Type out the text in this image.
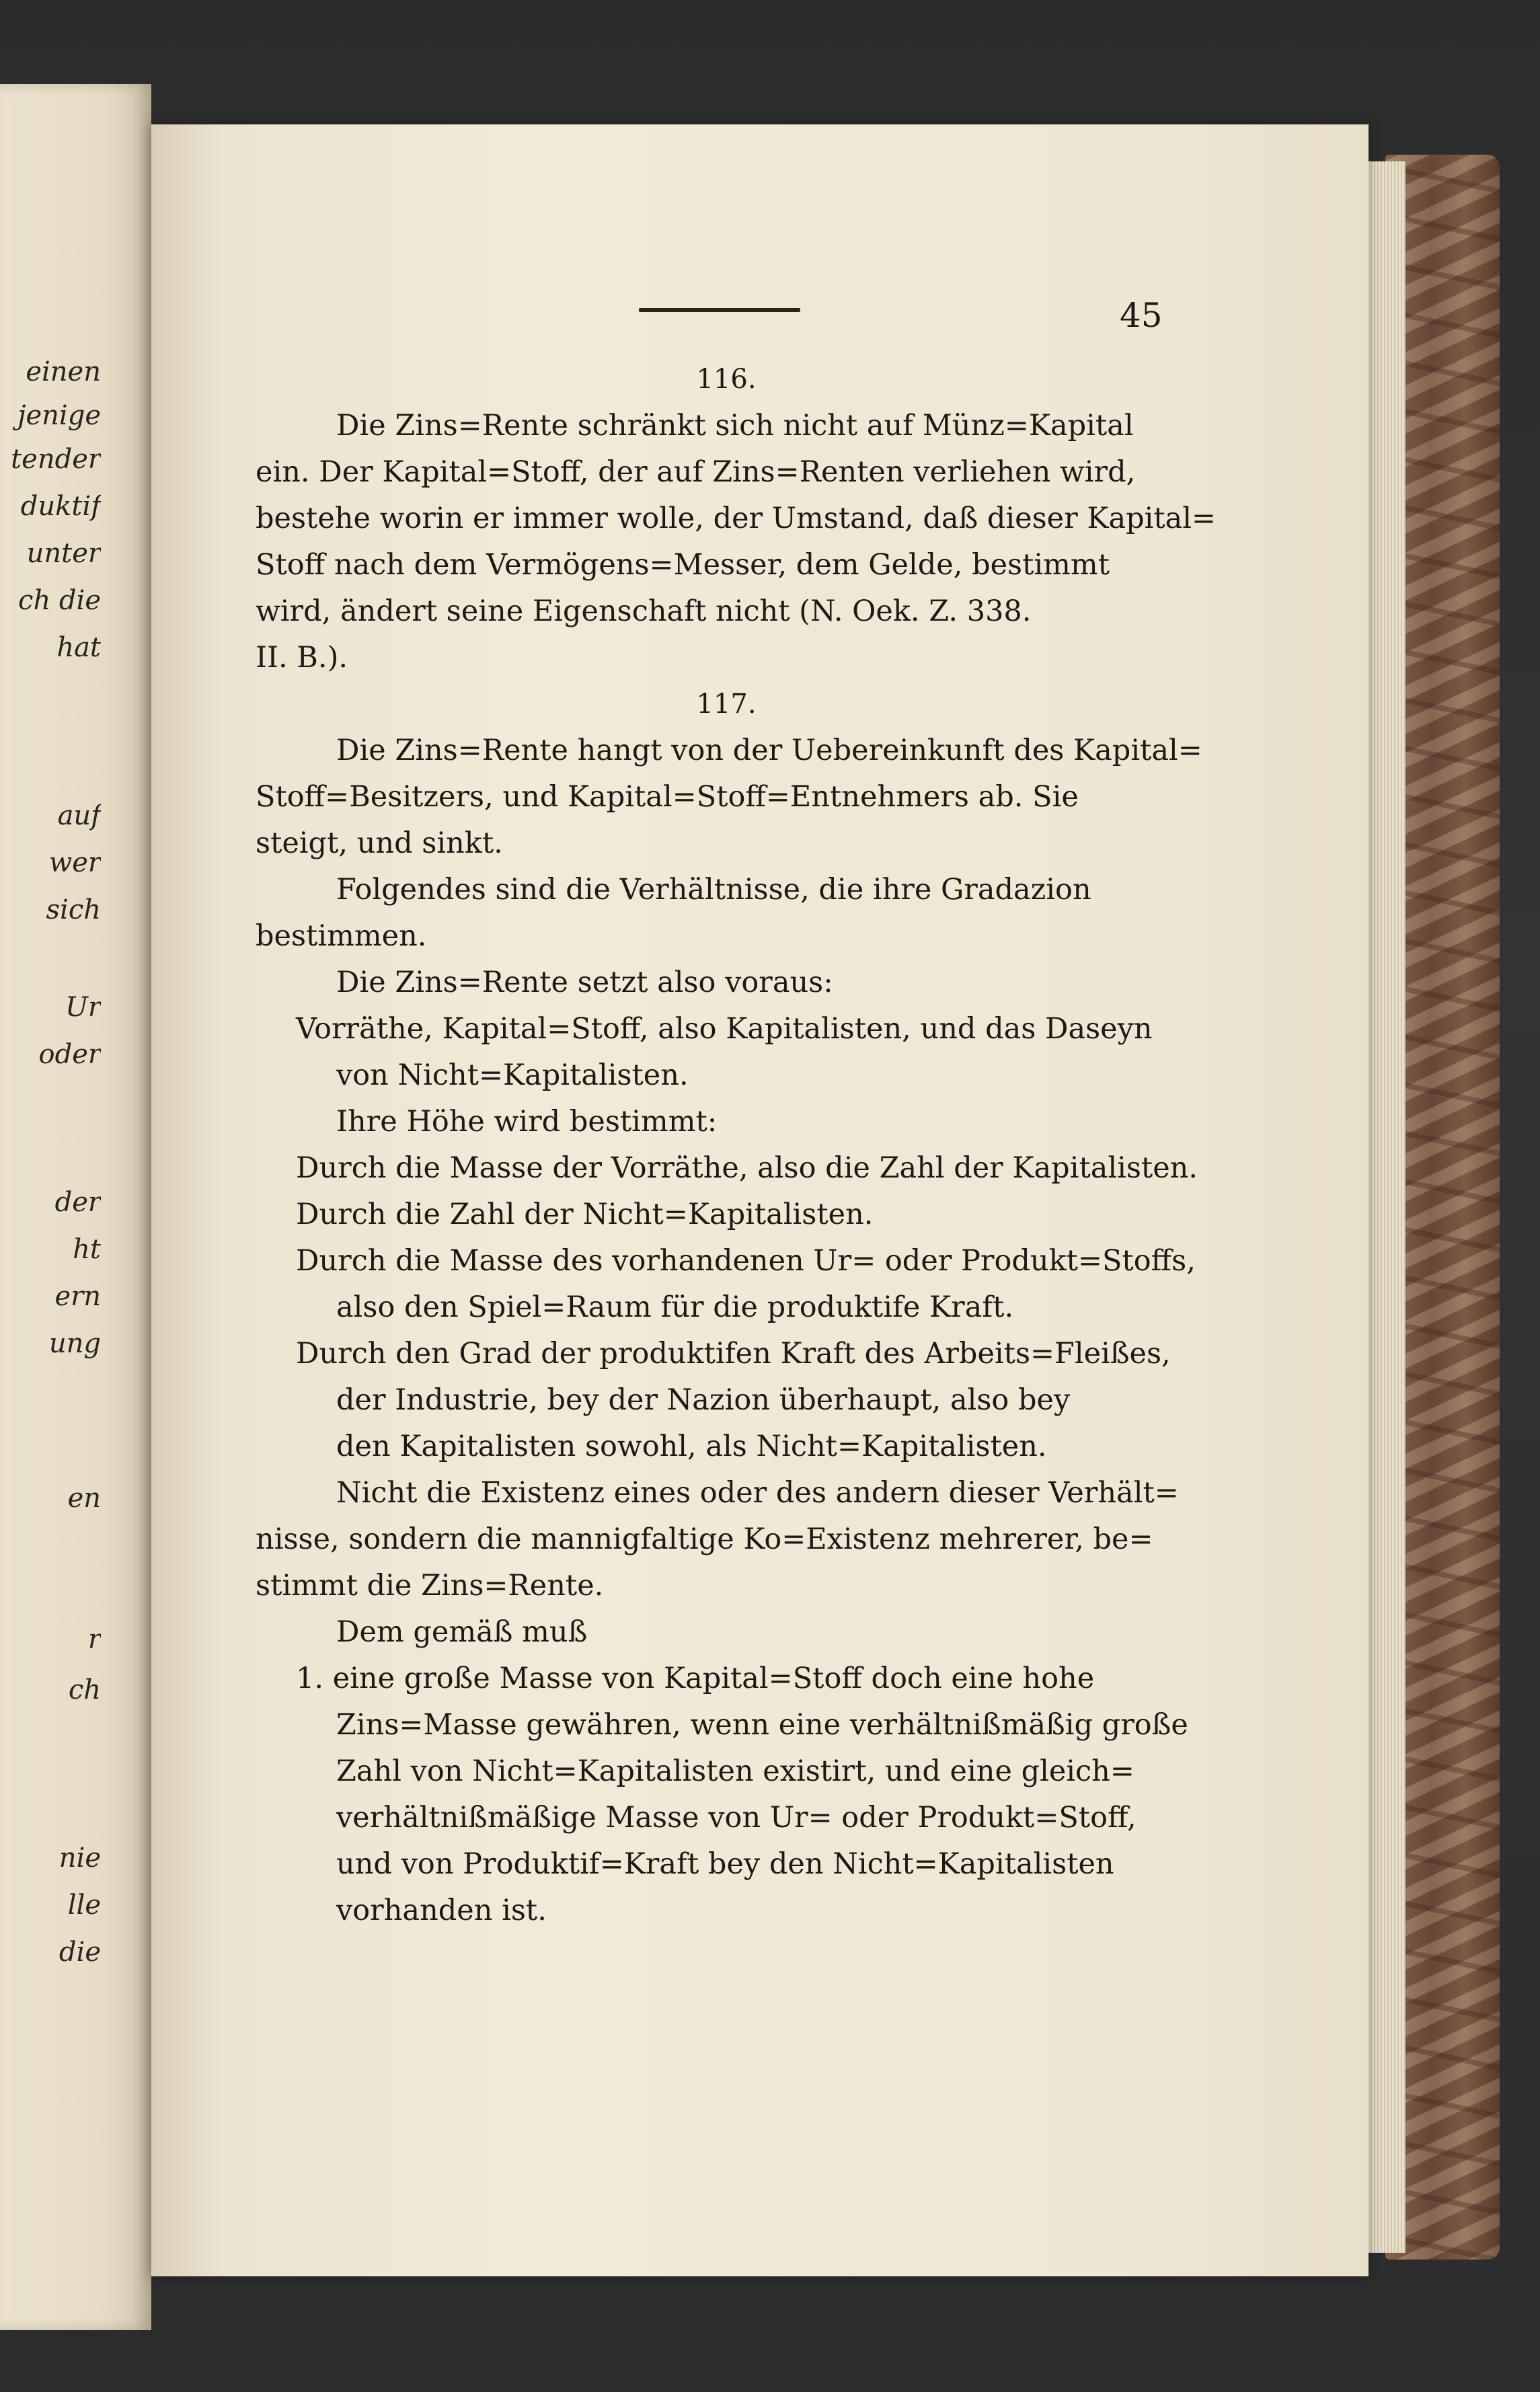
einen
jenige
tender
duktif
unter
ch die
hat
auf
wer
sich
Ur
oder
der
ht
ern
ung
en
r
ch
nie
lle
die
45

116.

Die Zins=Rente schränkt sich nicht auf Münz=Kapital

ein. Der Kapital=Stoff, der auf Zins=Renten verliehen wird,

bestehe worin er immer wolle, der Umstand, daß dieser Kapital=

Stoff nach dem Vermögens=Messer, dem Gelde, bestimmt

wird, ändert seine Eigenschaft nicht (N. Oek. Z. 338.

II. B.).

117.

Die Zins=Rente hangt von der Uebereinkunft des Kapital=

Stoff=Besitzers, und Kapital=Stoff=Entnehmers ab. Sie

steigt, und sinkt.

Folgendes sind die Verhältnisse, die ihre Gradazion

bestimmen.

Die Zins=Rente setzt also voraus:

Vorräthe, Kapital=Stoff, also Kapitalisten, und das Daseyn

von Nicht=Kapitalisten.

Ihre Höhe wird bestimmt:

Durch die Masse der Vorräthe, also die Zahl der Kapitalisten.

Durch die Zahl der Nicht=Kapitalisten.

Durch die Masse des vorhandenen Ur= oder Produkt=Stoffs,

also den Spiel=Raum für die produktife Kraft.

Durch den Grad der produktifen Kraft des Arbeits=Fleißes,

der Industrie, bey der Nazion überhaupt, also bey

den Kapitalisten sowohl, als Nicht=Kapitalisten.

Nicht die Existenz eines oder des andern dieser Verhält=

nisse, sondern die mannigfaltige Ko=Existenz mehrerer, be=

stimmt die Zins=Rente.

Dem gemäß muß

1. eine große Masse von Kapital=Stoff doch eine hohe

Zins=Masse gewähren, wenn eine verhältnißmäßig große

Zahl von Nicht=Kapitalisten existirt, und eine gleich=

verhältnißmäßige Masse von Ur= oder Produkt=Stoff,

und von Produktif=Kraft bey den Nicht=Kapitalisten

vorhanden ist.
